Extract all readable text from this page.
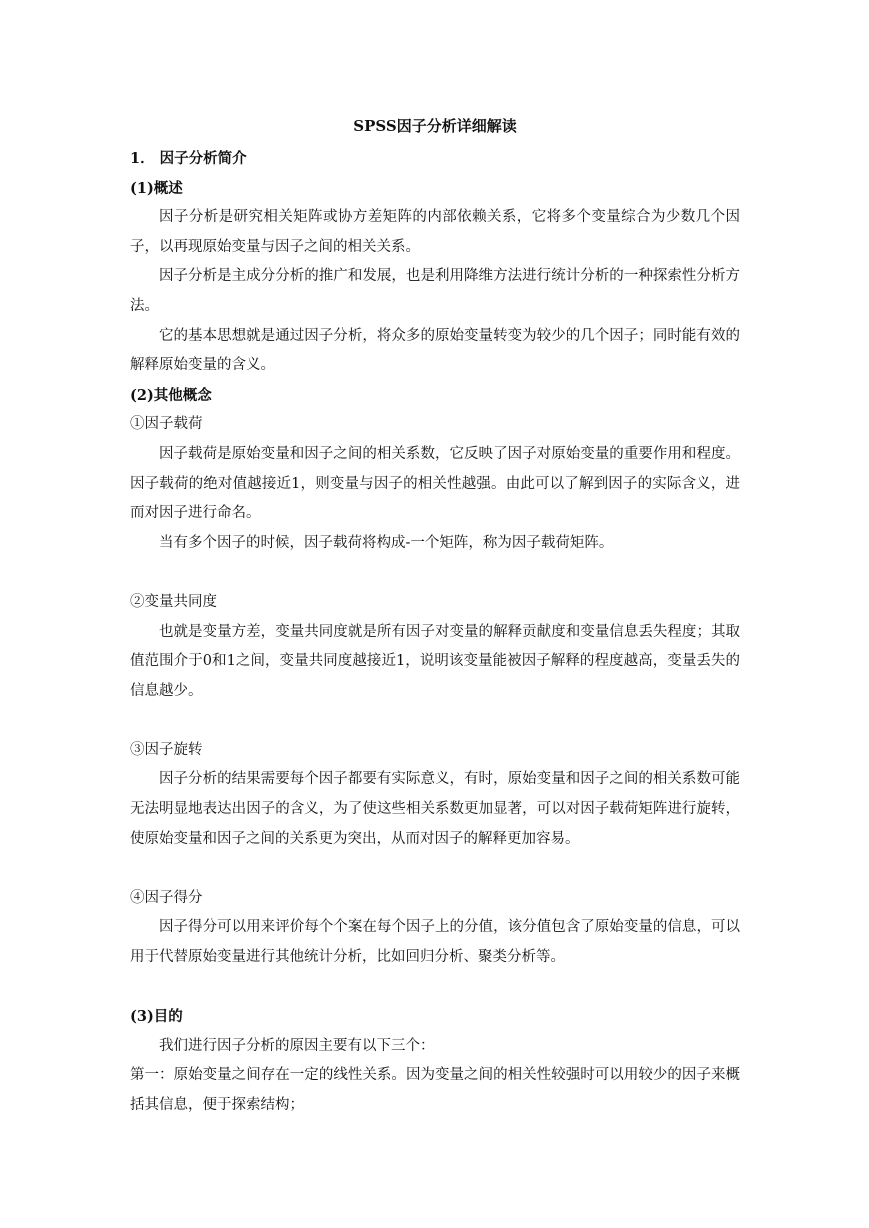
SPSS因子分析详细解读

1． 因子分析简介

(1)概述

因子分析是研究相关矩阵或协方差矩阵的内部依赖关系，它将多个变量综合为少数几个因子，以再现原始变量与因子之间的相关关系。

因子分析是主成分分析的推广和发展，也是利用降维方法进行统计分析的一种探索性分析方法。

它的基本思想就是通过因子分析，将众多的原始变量转变为较少的几个因子；同时能有效的解释原始变量的含义。

(2)其他概念

①因子载荷

因子载荷是原始变量和因子之间的相关系数，它反映了因子对原始变量的重要作用和程度。因子载荷的绝对值越接近1，则变量与因子的相关性越强。由此可以了解到因子的实际含义，进而对因子进行命名。

当有多个因子的时候，因子载荷将构成-一个矩阵，称为因子载荷矩阵。

②变量共同度

也就是变量方差，变量共同度就是所有因子对变量的解释贡献度和变量信息丢失程度；其取值范围介于0和1之间，变量共同度越接近1，说明该变量能被因子解释的程度越高，变量丢失的信息越少。

③因子旋转

因子分析的结果需要每个因子都要有实际意义，有时，原始变量和因子之间的相关系数可能无法明显地表达出因子的含义，为了使这些相关系数更加显著，可以对因子载荷矩阵进行旋转，使原始变量和因子之间的关系更为突出，从而对因子的解释更加容易。

④因子得分

因子得分可以用来评价每个个案在每个因子上的分值，该分值包含了原始变量的信息，可以用于代替原始变量进行其他统计分析，比如回归分析、聚类分析等。

(3)目的

我们进行因子分析的原因主要有以下三个：

第一：原始变量之间存在一定的线性关系。因为变量之间的相关性较强时可以用较少的因子来概括其信息，便于探索结构；
